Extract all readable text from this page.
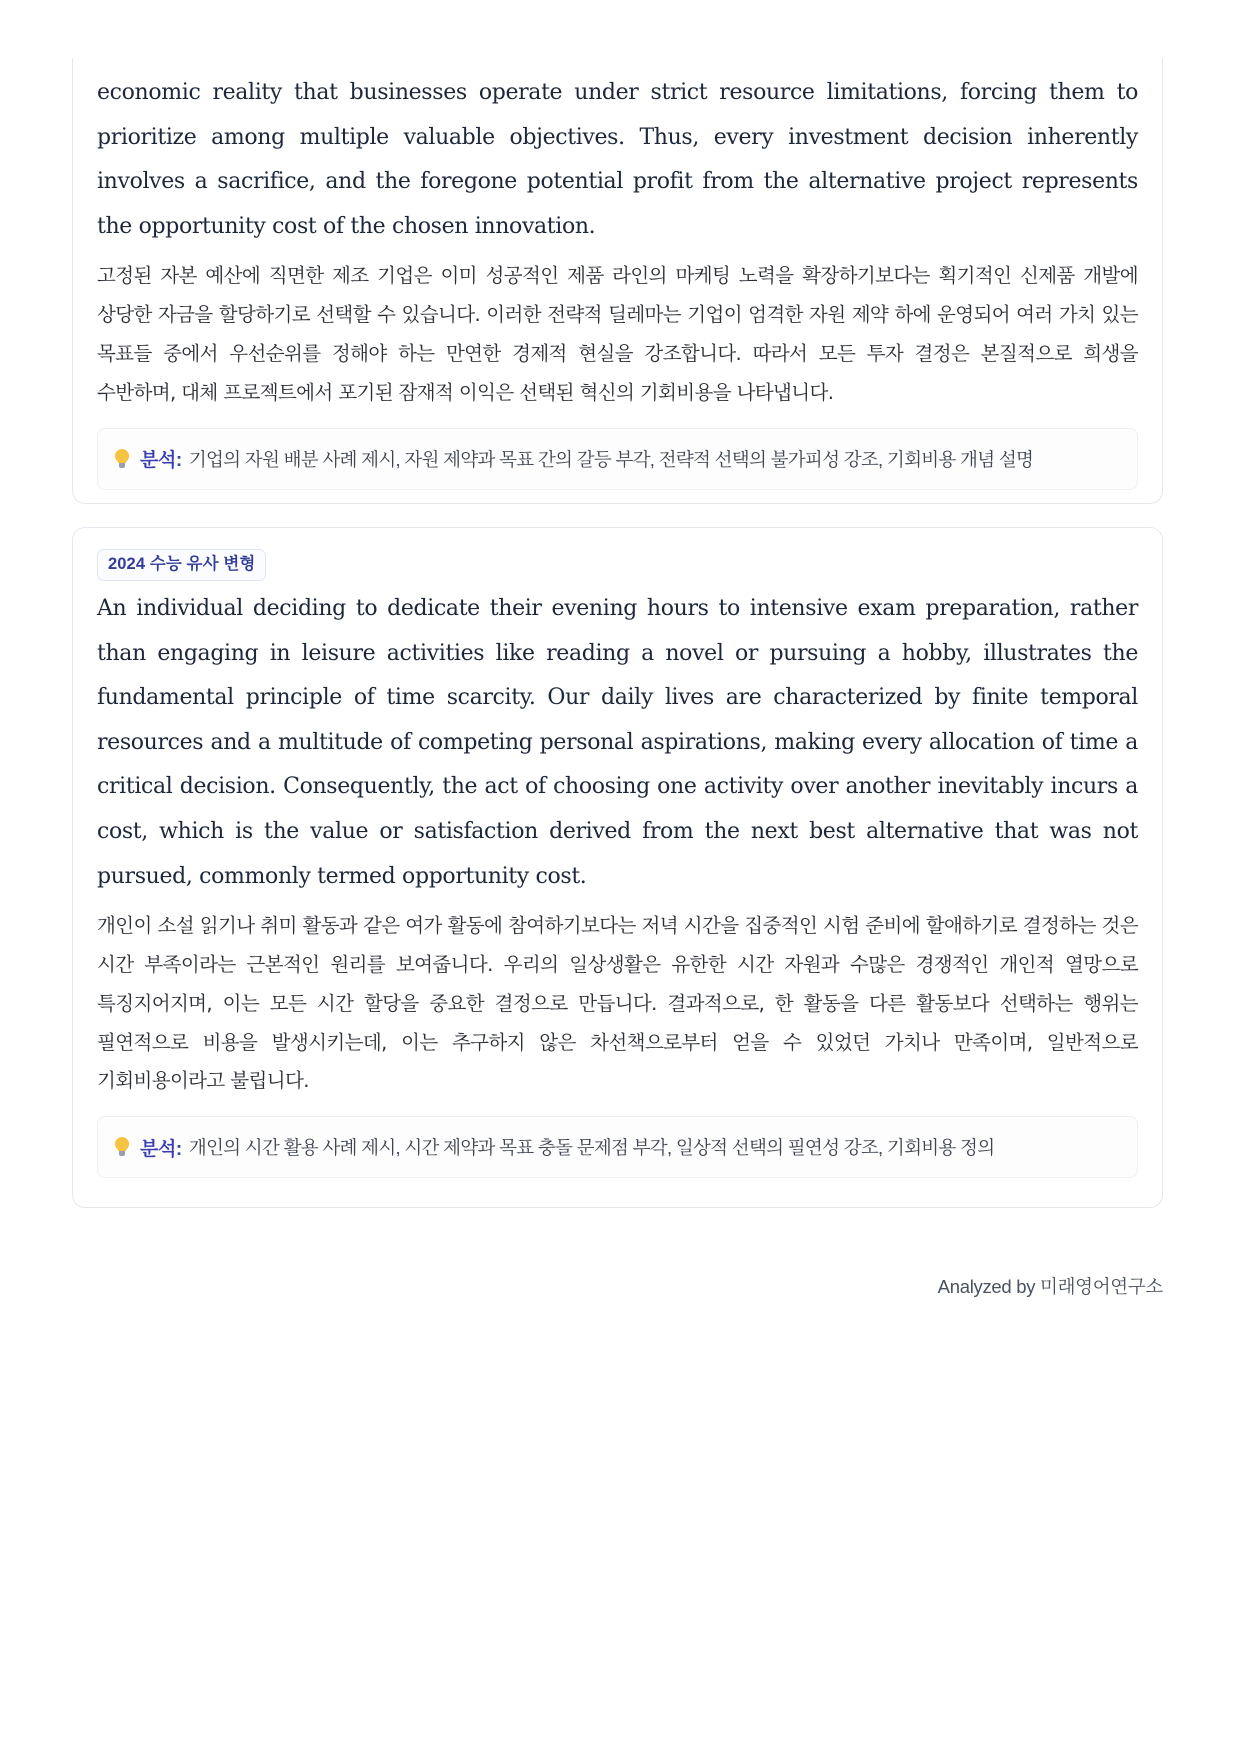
economic reality that businesses operate under strict resource limitations, forcing them to prioritize among multiple valuable objectives. Thus, every investment decision inherently involves a sacrifice, and the foregone potential profit from the alternative project represents the opportunity cost of the chosen innovation.

고정된 자본 예산에 직면한 제조 기업은 이미 성공적인 제품 라인의 마케팅 노력을 확장하기보다는 획기적인 신제품 개발에 상당한 자금을 할당하기로 선택할 수 있습니다. 이러한 전략적 딜레마는 기업이 엄격한 자원 제약 하에 운영되어 여러 가치 있는 목표들 중에서 우선순위를 정해야 하는 만연한 경제적 현실을 강조합니다. 따라서 모든 투자 결정은 본질적으로 희생을 수반하며, 대체 프로젝트에서 포기된 잠재적 이익은 선택된 혁신의 기회비용을 나타냅니다.

분석: 기업의 자원 배분 사례 제시, 자원 제약과 목표 간의 갈등 부각, 전략적 선택의 불가피성 강조, 기회비용 개념 설명
2024 수능 유사 변형

An individual deciding to dedicate their evening hours to intensive exam preparation, rather than engaging in leisure activities like reading a novel or pursuing a hobby, illustrates the fundamental principle of time scarcity. Our daily lives are characterized by finite temporal resources and a multitude of competing personal aspirations, making every allocation of time a critical decision. Consequently, the act of choosing one activity over another inevitably incurs a cost, which is the value or satisfaction derived from the next best alternative that was not pursued, commonly termed opportunity cost.

개인이 소설 읽기나 취미 활동과 같은 여가 활동에 참여하기보다는 저녁 시간을 집중적인 시험 준비에 할애하기로 결정하는 것은 시간 부족이라는 근본적인 원리를 보여줍니다. 우리의 일상생활은 유한한 시간 자원과 수많은 경쟁적인 개인적 열망으로 특징지어지며, 이는 모든 시간 할당을 중요한 결정으로 만듭니다. 결과적으로, 한 활동을 다른 활동보다 선택하는 행위는 필연적으로 비용을 발생시키는데, 이는 추구하지 않은 차선책으로부터 얻을 수 있었던 가치나 만족이며, 일반적으로 기회비용이라고 불립니다.

분석: 개인의 시간 활용 사례 제시, 시간 제약과 목표 충돌 문제점 부각, 일상적 선택의 필연성 강조, 기회비용 정의
Analyzed by 미래영어연구소
